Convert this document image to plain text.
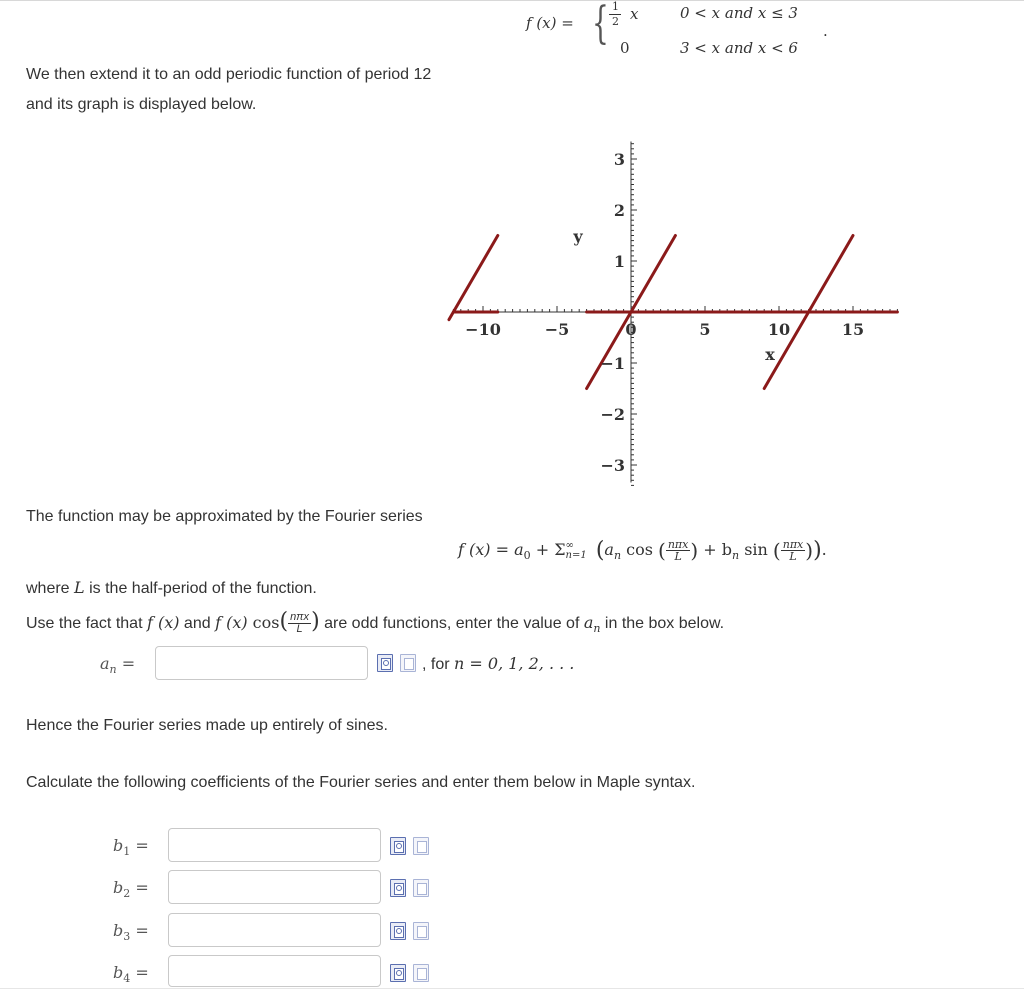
f (x) = { 1
2 x	0 < x and x ≤ 3
0	3 < x and x < 6
.
We then extend it to an odd periodic function of period 12
and its graph is displayed below.
−10	−5	0	5	10	15
3
2
1
−1
−2
−3
x
y
The function may be approximated by the Fourier series
f $(x) = a_0 + \Sigma$ ∞
n=1 ($a_n$ cos ( $\frac{\text{nπx}}{L}$ ) + $b_n$ sin ( $\frac{\text{nπx}}{L}$ )).
where L is the half-period of the function.
Use the fact that f (x) and f (x) $\cos( \frac{\text{nπx}}{L}$ ) are odd functions, enter the value of $a_n$ in the box below.
$a_n$ =	, for n = 0, 1, 2, . . .
Hence the Fourier series made up entirely of sines.
Calculate the following coefficients of the Fourier series and enter them below in Maple syntax.
$b_1$ =
$b_2$ =
$b_3$ =
$b_4$ =
